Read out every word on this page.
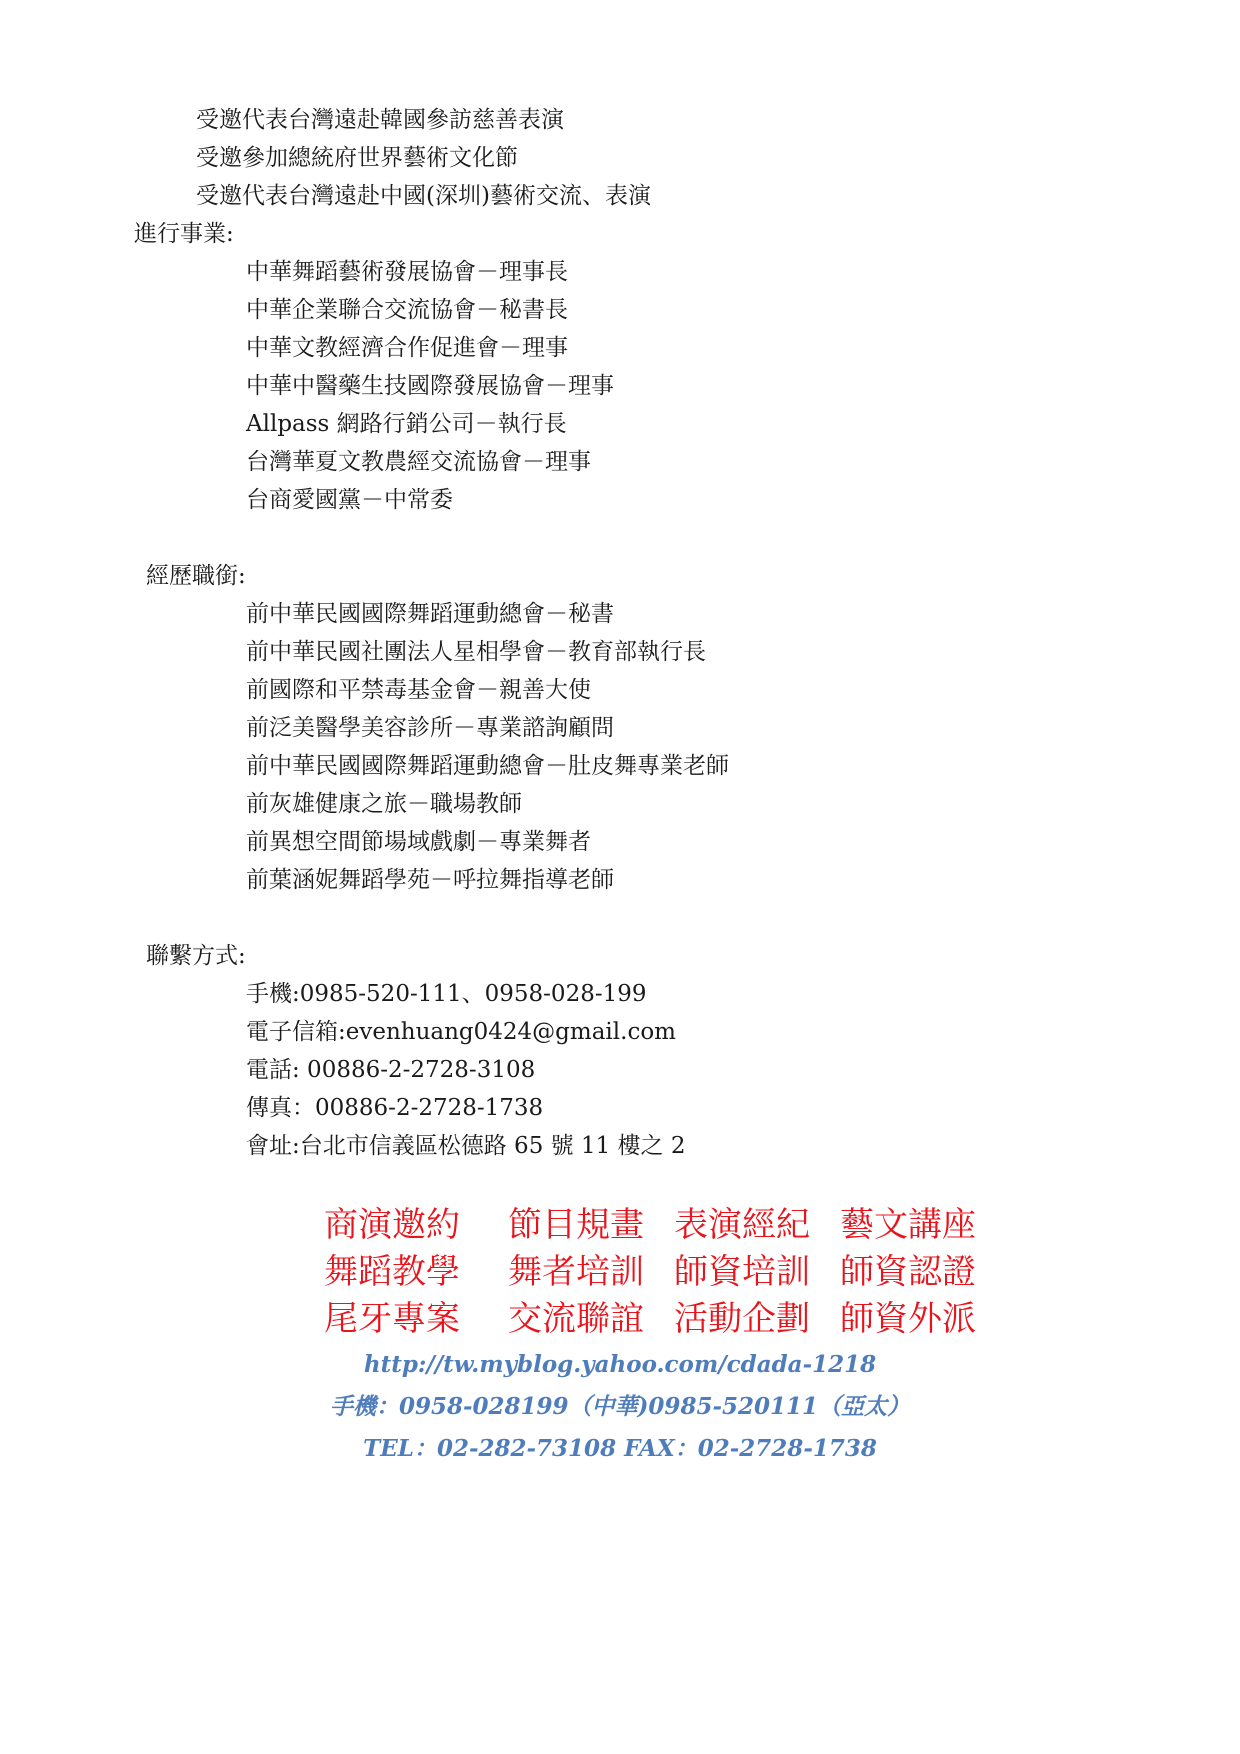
受邀代表台灣遠赴韓國參訪慈善表演
受邀參加總統府世界藝術文化節
受邀代表台灣遠赴中國(深圳)藝術交流、表演
進行事業:
中華舞蹈藝術發展協會－理事長
中華企業聯合交流協會－秘書長
中華文教經濟合作促進會－理事
中華中醫藥生技國際發展協會－理事
Allpass 網路行銷公司－執行長
台灣華夏文教農經交流協會－理事
台商愛國黨－中常委
經歷職銜:
前中華民國國際舞蹈運動總會－秘書
前中華民國社團法人星相學會－教育部執行長
前國際和平禁毒基金會－親善大使
前泛美醫學美容診所－專業諮詢顧問
前中華民國國際舞蹈運動總會－肚皮舞專業老師
前灰雄健康之旅－職場教師
前異想空間節場域戲劇－專業舞者
前葉涵妮舞蹈學苑－呼拉舞指導老師
聯繫方式:
手機:0985-520-111、0958-028-199
電子信箱:evenhuang0424@gmail.com
電話: 00886-2-2728-3108
傳真：00886-2-2728-1738
會址:台北市信義區松德路 65 號 11 樓之 2
商演邀約 節目規畫 表演經紀 藝文講座
舞蹈教學 舞者培訓 師資培訓 師資認證
尾牙專案 交流聯誼 活動企劃 師資外派
http://tw.myblog.yahoo.com/cdada-1218
手機：0958-028199（中華)0985-520111（亞太）
TEL：02-282-73108 FAX：02-2728-1738
